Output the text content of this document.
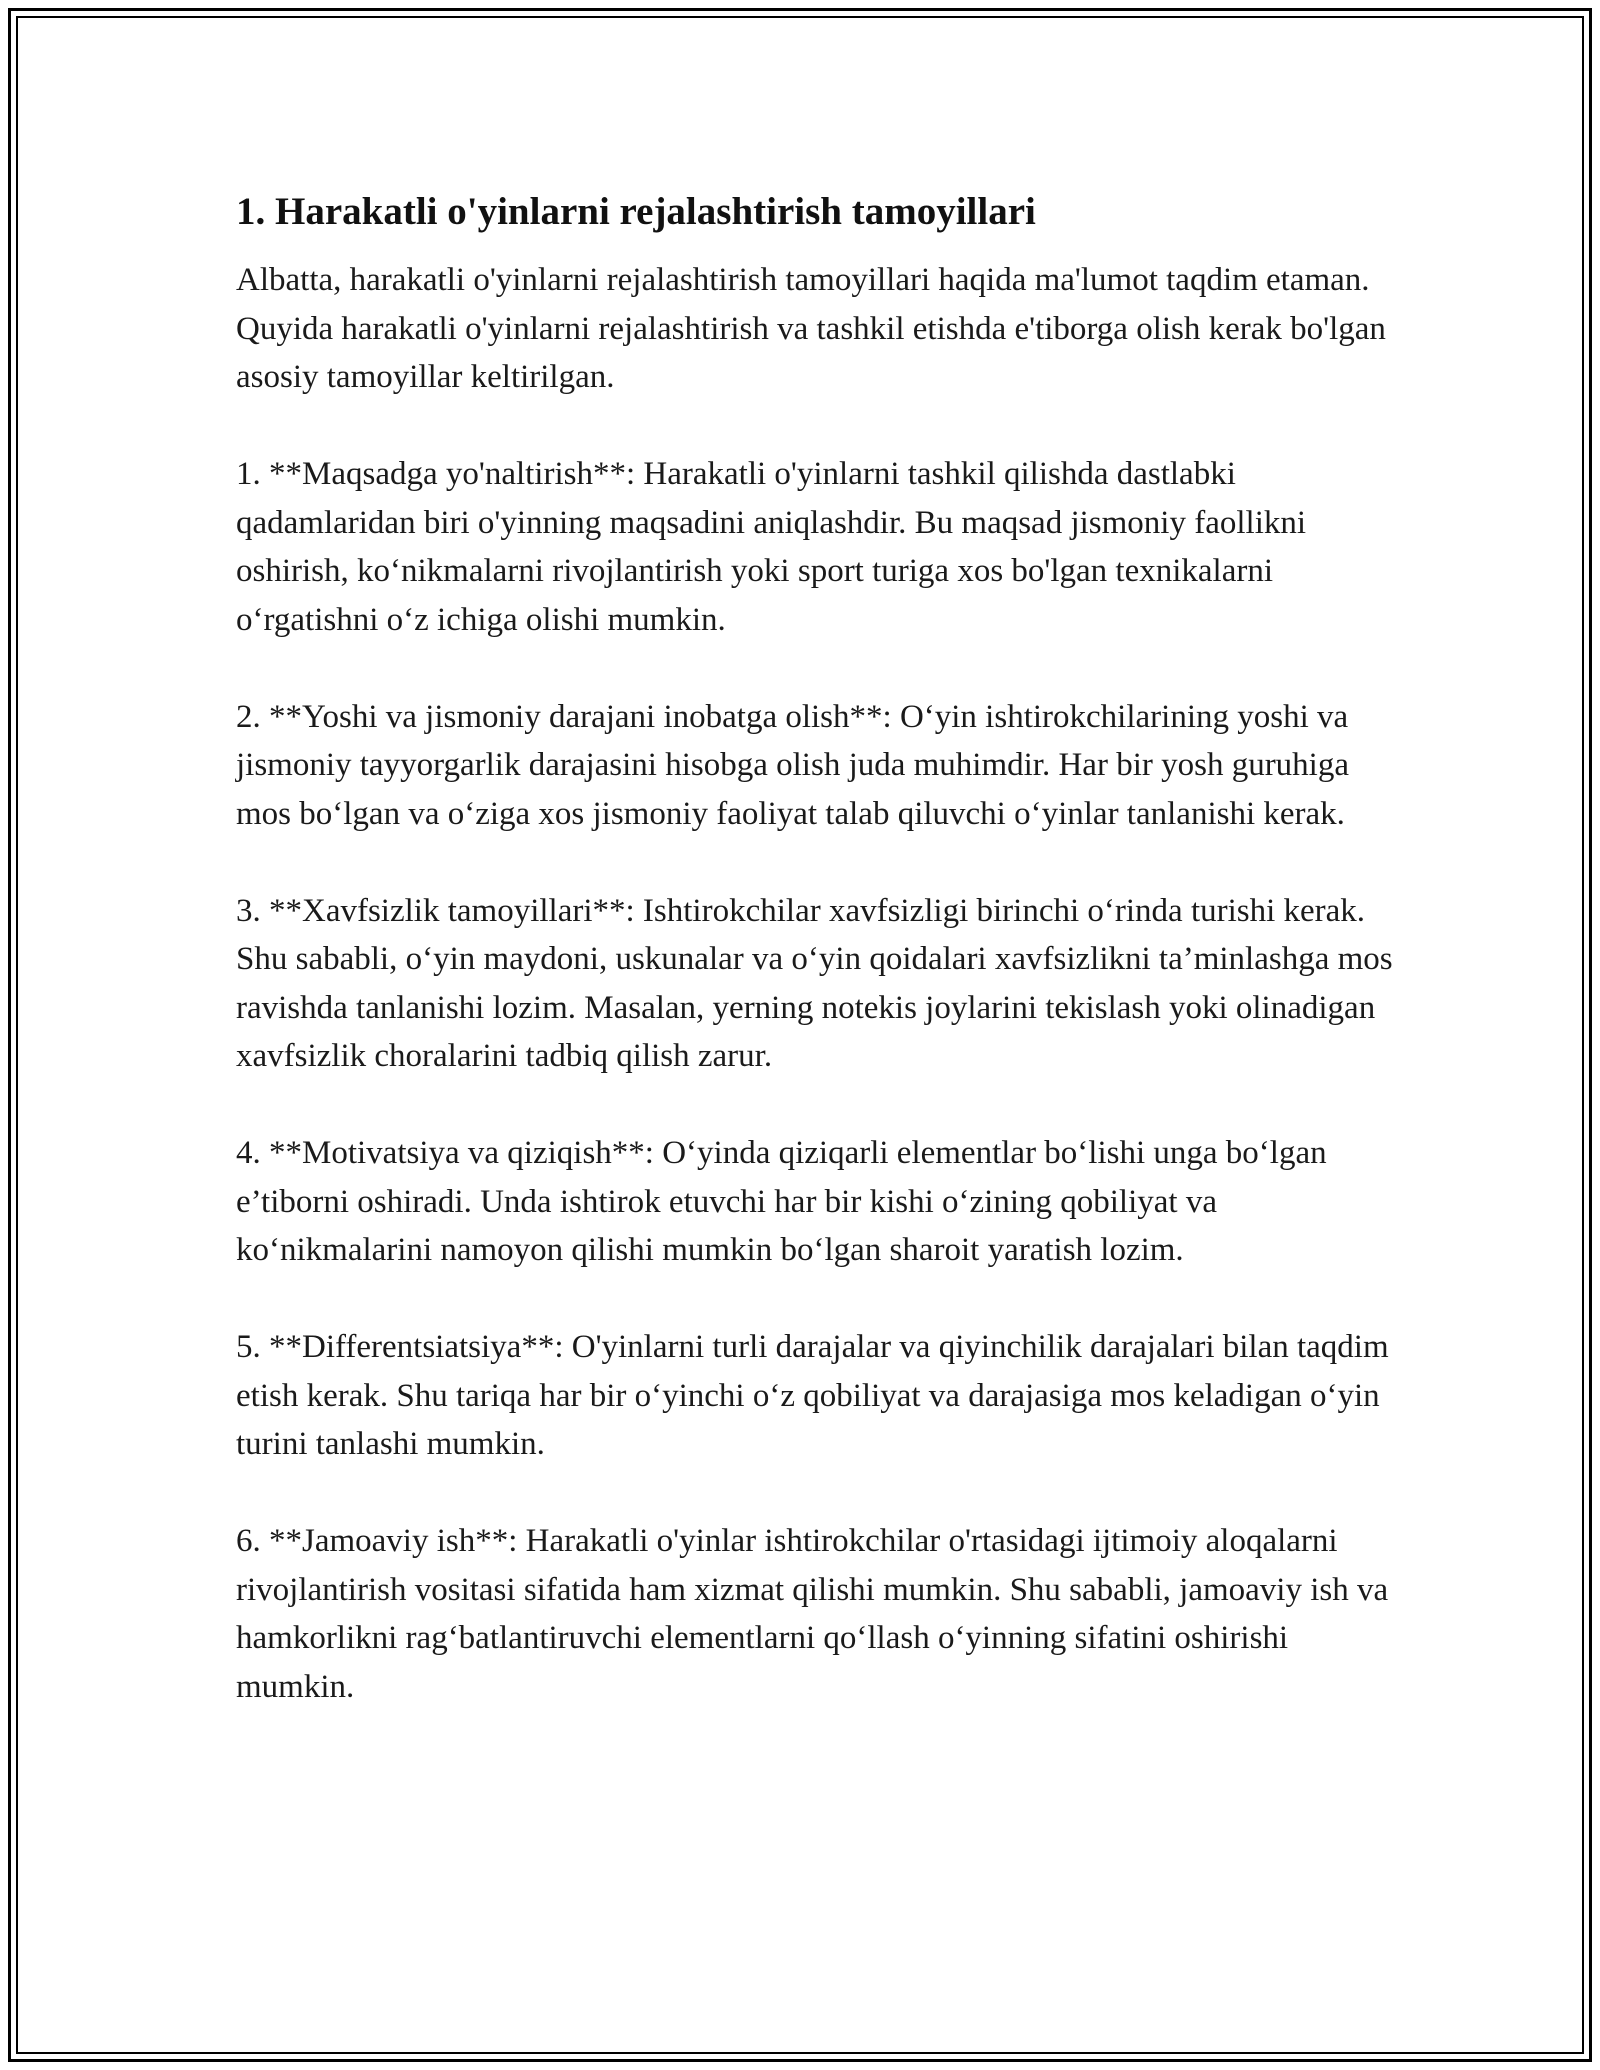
1. Harakatli o'yinlarni rejalashtirish tamoyillari

Albatta, harakatli o'yinlarni rejalashtirish tamoyillari haqida ma'lumot taqdim etaman. Quyida harakatli o'yinlarni rejalashtirish va tashkil etishda e'tiborga olish kerak bo'lgan asosiy tamoyillar keltirilgan.

1. **Maqsadga yo'naltirish**: Harakatli o'yinlarni tashkil qilishda dastlabki qadamlaridan biri o'yinning maqsadini aniqlashdir. Bu maqsad jismoniy faollikni oshirish, ko‘nikmalarni rivojlantirish yoki sport turiga xos bo'lgan texnikalarni o‘rgatishni o‘z ichiga olishi mumkin.

2. **Yoshi va jismoniy darajani inobatga olish**: O‘yin ishtirokchilarining yoshi va jismoniy tayyorgarlik darajasini hisobga olish juda muhimdir. Har bir yosh guruhiga mos bo‘lgan va o‘ziga xos jismoniy faoliyat talab qiluvchi o‘yinlar tanlanishi kerak.

3. **Xavfsizlik tamoyillari**: Ishtirokchilar xavfsizligi birinchi o‘rinda turishi kerak. Shu sababli, o‘yin maydoni, uskunalar va o‘yin qoidalari xavfsizlikni ta’minlashga mos ravishda tanlanishi lozim. Masalan, yerning notekis joylarini tekislash yoki olinadigan xavfsizlik choralarini tadbiq qilish zarur.

4. **Motivatsiya va qiziqish**: O‘yinda qiziqarli elementlar bo‘lishi unga bo‘lgan e’tiborni oshiradi. Unda ishtirok etuvchi har bir kishi o‘zining qobiliyat va ko‘nikmalarini namoyon qilishi mumkin bo‘lgan sharoit yaratish lozim.

5. **Differentsiatsiya**: O'yinlarni turli darajalar va qiyinchilik darajalari bilan taqdim etish kerak. Shu tariqa har bir o‘yinchi o‘z qobiliyat va darajasiga mos keladigan o‘yin turini tanlashi mumkin.

6. **Jamoaviy ish**: Harakatli o'yinlar ishtirokchilar o'rtasidagi ijtimoiy aloqalarni rivojlantirish vositasi sifatida ham xizmat qilishi mumkin. Shu sababli, jamoaviy ish va hamkorlikni rag‘batlantiruvchi elementlarni qo‘llash o‘yinning sifatini oshirishi mumkin.
